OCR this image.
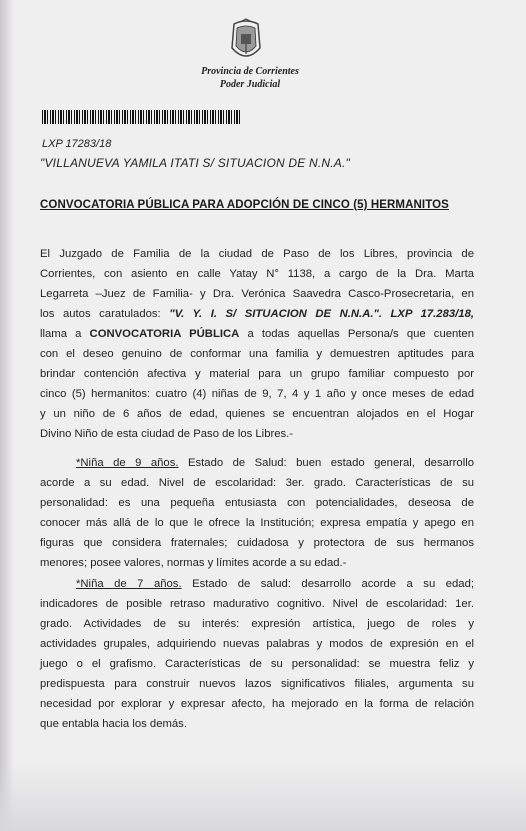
Provincia de Corrientes
Poder Judicial
LXP 17283/18
"VILLANUEVA YAMILA ITATI S/ SITUACION DE N.N.A."
CONVOCATORIA PÚBLICA PARA ADOPCIÓN DE CINCO (5) HERMANITOS
El Juzgado de Familia de la ciudad de Paso de los Libres, provincia de
Corrientes, con asiento en calle Yatay N° 1138, a cargo de la Dra. Marta
Legarreta –Juez de Familia- y Dra. Verónica Saavedra Casco-Prosecretaria, en
los autos caratulados: "V. Y. I. S/ SITUACION DE N.N.A.". LXP 17.283/18,
llama a CONVOCATORIA PÚBLICA a todas aquellas Persona/s que cuenten
con el deseo genuino de conformar una familia y demuestren aptitudes para
brindar contención afectiva y material para un grupo familiar compuesto por
cinco (5) hermanitos: cuatro (4) niñas de 9, 7, 4 y 1 año y once meses de edad
y un niño de 6 años de edad, quienes se encuentran alojados en el Hogar
Divino Niño de esta ciudad de Paso de los Libres.-
*Niña de 9 años. Estado de Salud: buen estado general, desarrollo
acorde a su edad. Nivel de escolaridad: 3er. grado. Características de su
personalidad: es una pequeña entusiasta con potencialidades, deseosa de
conocer más allá de lo que le ofrece la Institución; expresa empatía y apego en
figuras que considera fraternales; cuidadosa y protectora de sus hermanos
menores; posee valores, normas y límites acorde a su edad.-
*Niña de 7 años. Estado de salud: desarrollo acorde a su edad;
indicadores de posible retraso madurativo cognitivo. Nivel de escolaridad: 1er.
grado. Actividades de su interés: expresión artística, juego de roles y
actividades grupales, adquiriendo nuevas palabras y modos de expresión en el
juego o el grafismo. Características de su personalidad: se muestra feliz y
predispuesta para construir nuevos lazos significativos filiales, argumenta su
necesidad por explorar y expresar afecto, ha mejorado en la forma de relación
que entabla hacia los demás.
